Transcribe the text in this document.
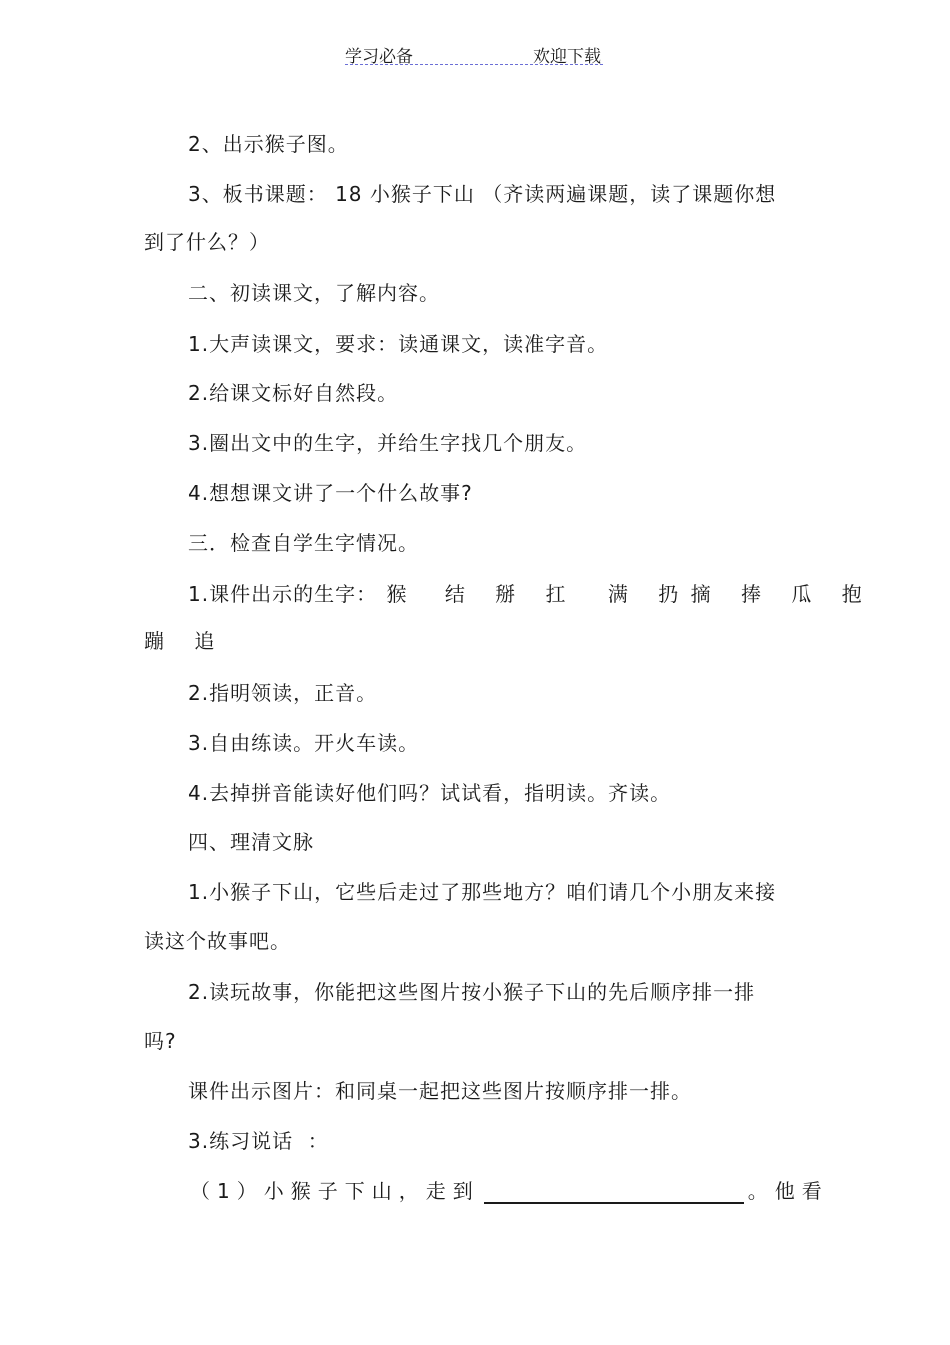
学习必备	欢迎下载
2、出示猴子图。
3、板书课题： 18 小猴子下山 （齐读两遍课题，读了课题你想
到了什么？）
二、初读课文，了解内容。
1.大声读课文，要求：读通课文，读准字音。
2.给课文标好自然段。
3.圈出文中的生字，并给生字找几个朋友。
4.想想课文讲了一个什么故事?
三．检查自学生字情况。
1.课件出示的生字： 猴 结 掰 扛 满 扔 摘 捧 瓜 抱
蹦    追
2.指明领读，正音。
3.自由练读。开火车读。
4.去掉拼音能读好他们吗？试试看，指明读。齐读。
四、理清文脉
1.小猴子下山，它些后走过了那些地方？咱们请几个小朋友来接
读这个故事吧。
2.读玩故事，你能把这些图片按小猴子下山的先后顺序排一排
吗?
课件出示图片：和同桌一起把这些图片按顺序排一排。
3.练习说话  ：
（1）小猴子下山，走到	。他看
